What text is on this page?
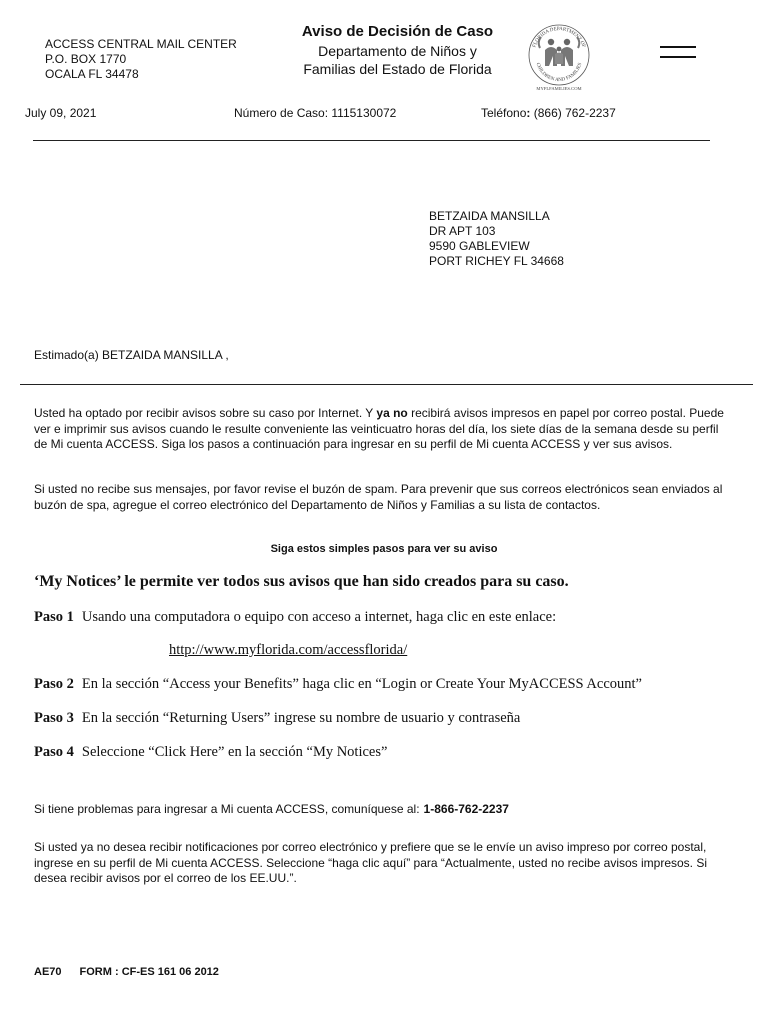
ACCESS CENTRAL MAIL CENTER
P.O. BOX 1770
OCALA FL 34478
Aviso de Decisión de Caso
Departamento de Niños y
Familias del Estado de Florida
FLORIDA DEPARTMENT OF
CHILDREN AND FAMILIES
MYFLFAMILIES.COM
July 09, 2021	Número de Caso: 1115130072	Teléfono: (866) 762-2237
BETZAIDA MANSILLA
DR APT 103
9590 GABLEVIEW
PORT RICHEY FL 34668
Estimado(a) BETZAIDA MANSILLA ,
Usted ha optado por recibir avisos sobre su caso por Internet. Y ya no recibirá avisos impresos en papel por correo postal. Puede ver e imprimir sus avisos cuando le resulte conveniente las veinticuatro horas del día, los siete días de la semana desde su perfil de Mi cuenta ACCESS. Siga los pasos a continuación para ingresar en su perfil de Mi cuenta ACCESS y ver sus avisos.
Si usted no recibe sus mensajes, por favor revise el buzón de spam. Para prevenir que sus correos electrónicos sean enviados al buzón de spa, agregue el correo electrónico del Departamento de Niños y Familias a su lista de contactos.
Siga estos simples pasos para ver su aviso
‘My Notices’ le permite ver todos sus avisos que han sido creados para su caso.
Paso 1 Usando una computadora o equipo con acceso a internet, haga clic en este enlace:
http://www.myflorida.com/accessflorida/
Paso 2 En la sección “Access your Benefits” haga clic en “Login or Create Your MyACCESS Account”
Paso 3 En la sección “Returning Users” ingrese su nombre de usuario y contraseña
Paso 4 Seleccione “Click Here” en la sección “My Notices”
Si tiene problemas para ingresar a Mi cuenta ACCESS, comuníquese al: 1-866-762-2237
Si usted ya no desea recibir notificaciones por correo electrónico y prefiere que se le envíe un aviso impreso por correo postal, ingrese en su perfil de Mi cuenta ACCESS. Seleccione “haga clic aquí” para “Actualmente, usted no recibe avisos impresos. Si desea recibir avisos por el correo de los EE.UU.”.
AE70 FORM : CF-ES 161 06 2012
